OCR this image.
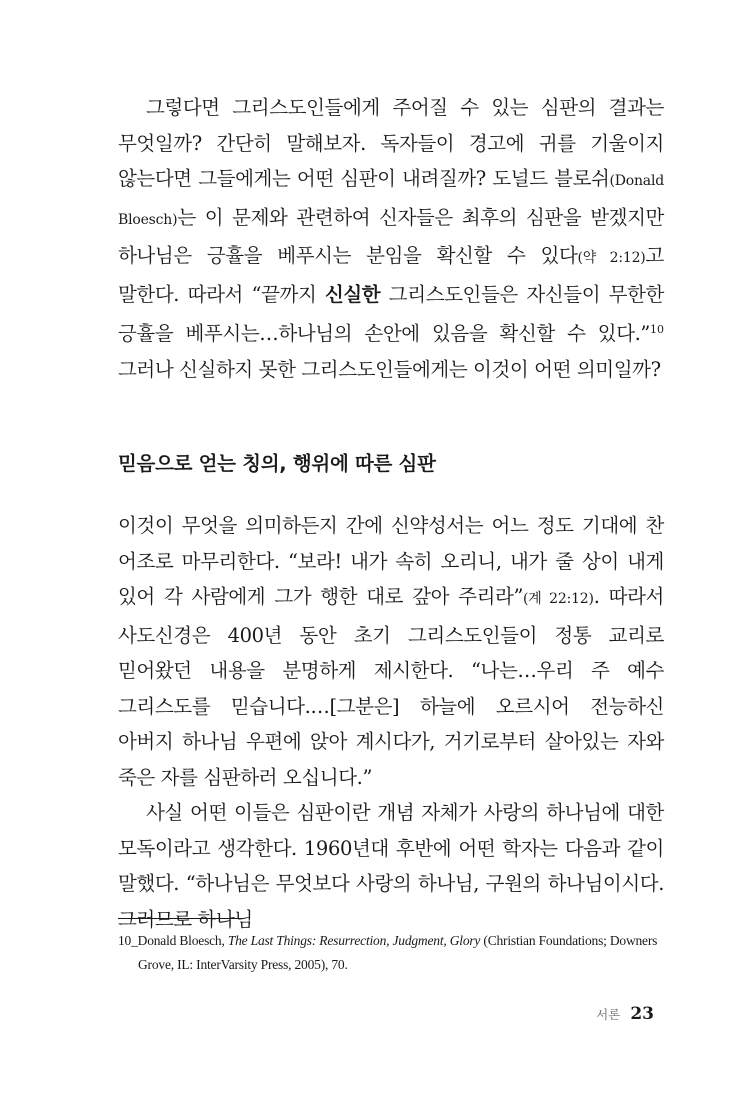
그렇다면 그리스도인들에게 주어질 수 있는 심판의 결과는 무엇일까? 간단히 말해보자. 독자들이 경고에 귀를 기울이지 않는다면 그들에게는 어떤 심판이 내려질까? 도널드 블로쉬(Donald Bloesch)는 이 문제와 관련하여 신자들은 최후의 심판을 받겠지만 하나님은 긍휼을 베푸시는 분임을 확신할 수 있다(약 2:12)고 말한다. 따라서 “끝까지 신실한 그리스도인들은 자신들이 무한한 긍휼을 베푸시는…하나님의 손안에 있음을 확신할 수 있다.”$^{10}$ 그러나 신실하지 못한 그리스도인들에게는 이것이 어떤 의미일까?

믿음으로 얻는 칭의, 행위에 따른 심판

이것이 무엇을 의미하든지 간에 신약성서는 어느 정도 기대에 찬 어조로 마무리한다. “보라! 내가 속히 오리니, 내가 줄 상이 내게 있어 각 사람에게 그가 행한 대로 갚아 주리라”(계 22:12). 따라서 사도신경은 400년 동안 초기 그리스도인들이 정통 교리로 믿어왔던 내용을 분명하게 제시한다. “나는…우리 주 예수 그리스도를 믿습니다.…[그분은] 하늘에 오르시어 전능하신 아버지 하나님 우편에 앉아 계시다가, 거기로부터 살아있는 자와 죽은 자를 심판하러 오십니다.”

사실 어떤 이들은 심판이란 개념 자체가 사랑의 하나님에 대한 모독이라고 생각한다. 1960년대 후반에 어떤 학자는 다음과 같이 말했다. “하나님은 무엇보다 사랑의 하나님, 구원의 하나님이시다. 그러므로 하나님

10_Donald Bloesch, The Last Things: Resurrection, Judgment, Glory (Christian Foundations; Downers
Grove, IL: InterVarsity Press, 2005), 70.
서론 23
